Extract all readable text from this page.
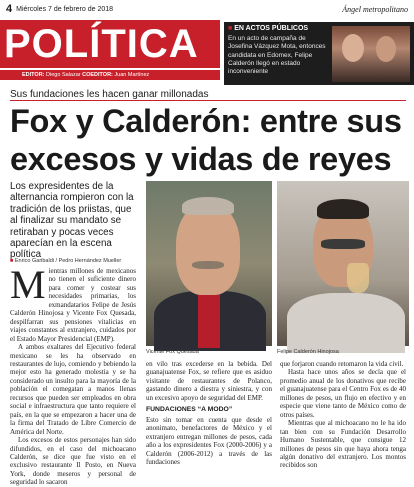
4 Miércoles 7 de febrero de 2018	Ángel metropolitano
POLÍTICA
EDITOR: Diego Salazar COEDITOR: Juan Martínez
■ EN ACTOS PÚBLICOS
En un acto de campaña de Josefina Vázquez Mota, entonces candidata en Edomex, Felipe Calderón llegó en estado inconveniente
Sus fundaciones les hacen ganar millonadas
Fox y Calderón: entre sus excesos y vidas de reyes

Los expresidentes de la alternancia rompieron con la tradición de los priistas, que al finalizar su mandato se retiraban y pocas veces aparecían en la escena política

■ Enrico Garibaldi / Pedro Hernández Mueller

Mientras millones de mexicanos no tienen el suficiente dinero para comer y costear sus necesidades primarias, los exmandatarios Felipe de Jesús Calderón Hinojosa y Vicente Fox Quesada, despilfarran sus pensiones vitalicias en viajes constantes al extranjero, cuidados por el Estado Mayor Presidencial (EMP).

A ambos exaltares del Ejecutivo federal mexicano se les ha observado en restaurantes de lujo, comiendo y bebiendo la mejor esto ha generado molestia y se ha considerado un insulto para la mayoría de la población el comegatan a manos llenas recursos que pueden ser empleados en obra social e infraestructura que tanto requiere el país, en la que se empezaron a hacer una de la firma del Tratado de Libre Comercio de América del Norte.

Los excesos de estos personajes han sido difundidos, en el caso del michoacano Calderón, se dice que fue visto en el exclusivo restaurante Il Posto, en Nueva York, donde meseros y personal de seguridad lo sacaron

Vicente Fox Quesada	Felipe Calderón Hinojosa

en vilo tras excederse en la bebida. Del guanajuatense Fox, se refiere que es asiduo visitante de restaurantes de Polanco, gastando dinero a diestra y siniestra, y con un excesivo apoyo de seguridad del EMP.

FUNDACIONES “A MODO”

Esto sin tomar en cuenta que desde el anonimato, benefactores de México y el extranjero entregan millones de pesos, cada año a los expresidentes Fox (2000-2006) y a Calderón (2006-2012) a través de las fundaciones

que forjaron cuando retomaron la vida civil.

Hasta hace unos años se decía que el promedio anual de los donativos que recibe el guanajuatense para el Centro Fox es de 40 millones de pesos, un flujo en efectivo y en especie que viene tanto de México como de otros países.

Mientras que al michoacano no le ha ido tan bien con su Fundación Desarrollo Humano Sustentable, que consigue 12 millones de pesos sin que haya ahora tenga algún donativo del extranjero. Los montos recibidos son
